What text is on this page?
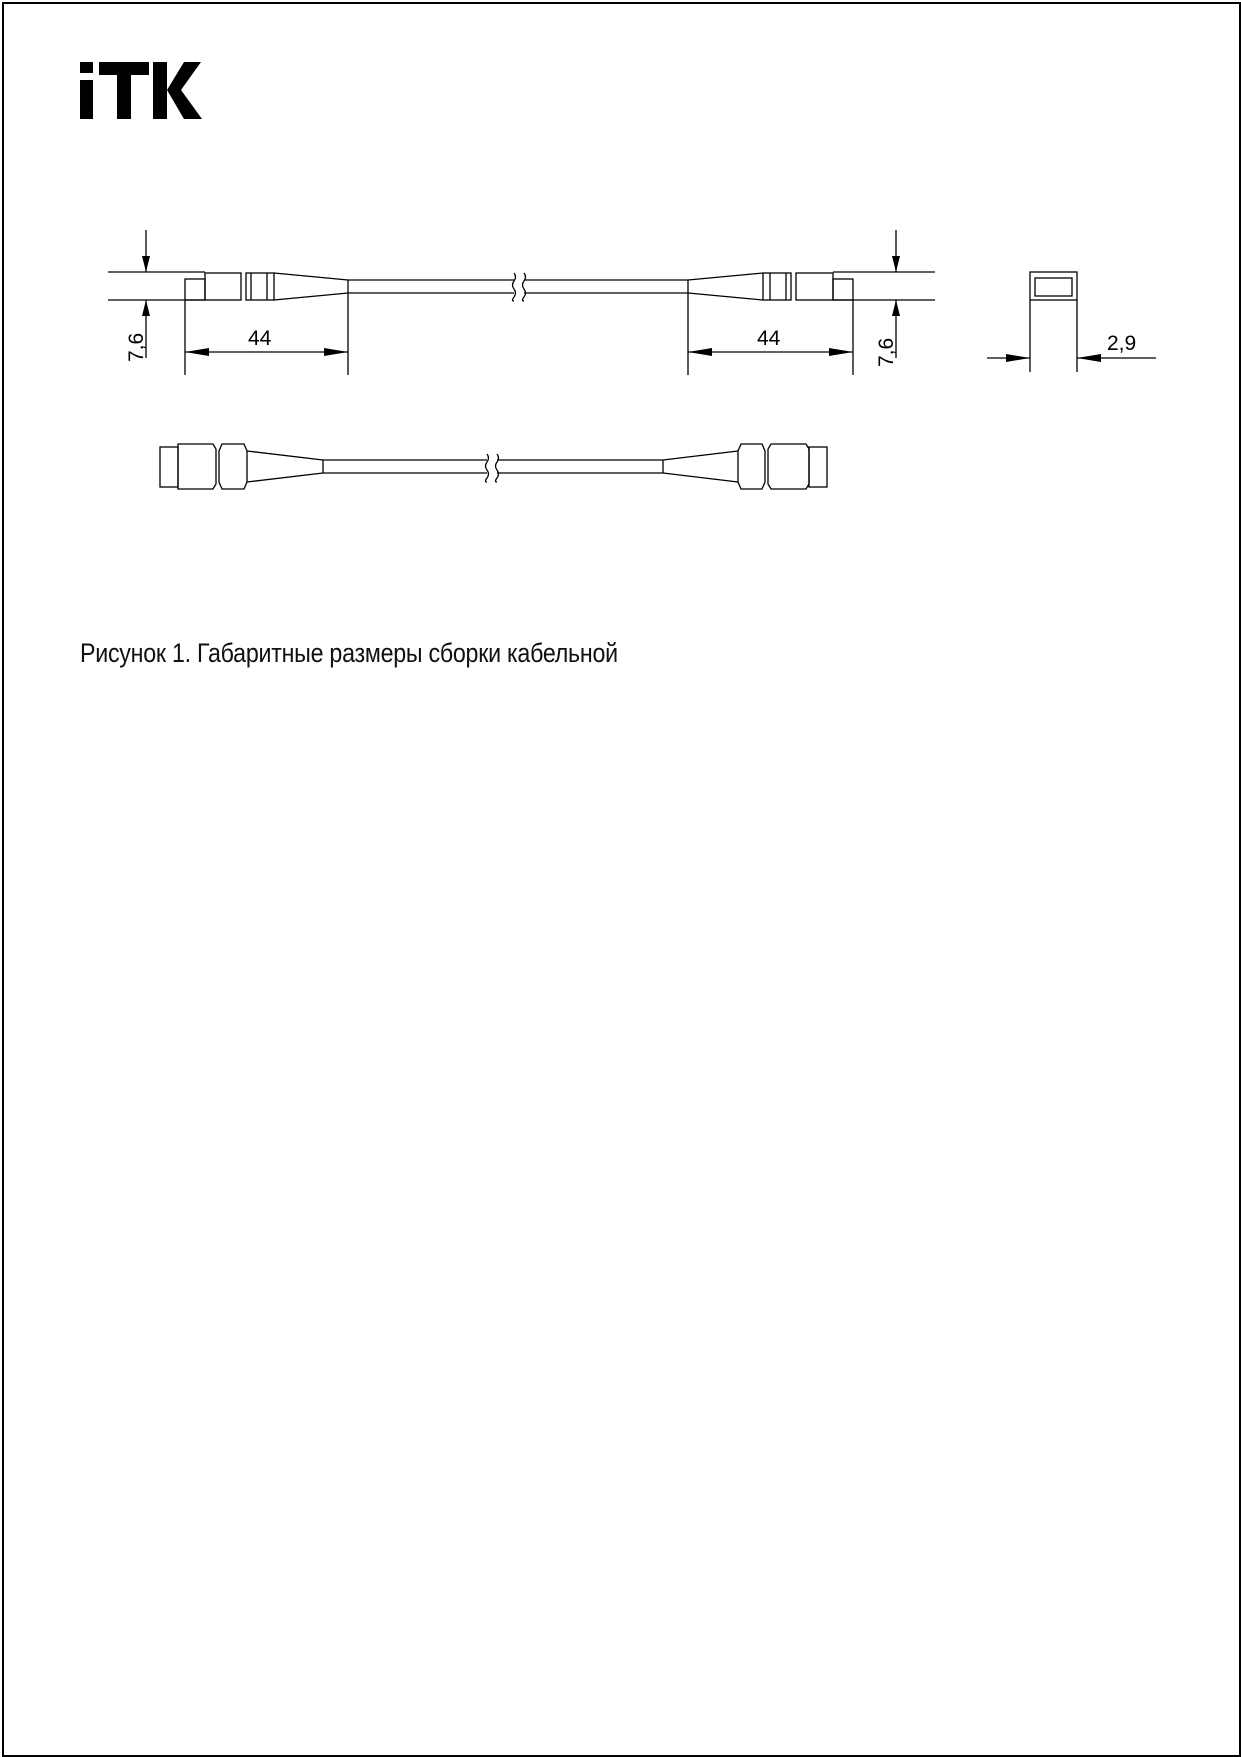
7,6	44	44	7,6	2,9
Рисунок 1. Габаритные размеры сборки кабельной
